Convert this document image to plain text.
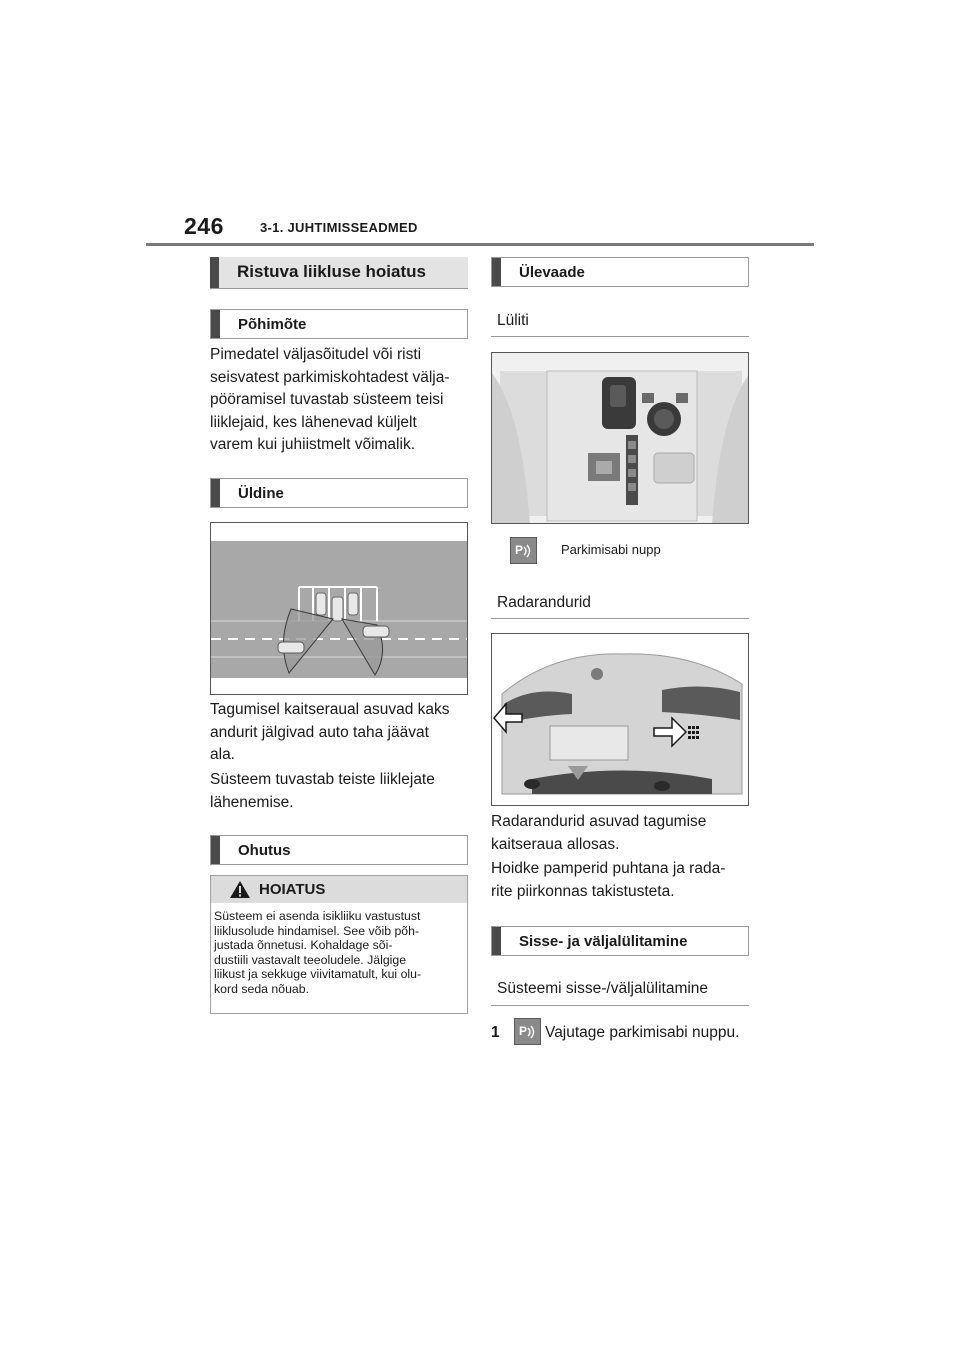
246	3-1. JUHTIMISSEADMED
Ristuva liikluse hoiatus
Põhimõte
Pimedatel väljasõitudel või risti
seisvatest parkimiskohtadest välja-
pööramisel tuvastab süsteem teisi
liiklejaid, kes lähenevad küljelt
varem kui juhiistmelt võimalik.
Üldine
Tagumisel kaitseraual asuvad kaks
andurit jälgivad auto taha jäävat
ala.
Süsteem tuvastab teiste liiklejate
lähenemise.
Ohutus
HOIATUS
Süsteem ei asenda isikliiku vastustust
liiklusolude hindamisel. See võib põh-
justada õnnetusi. Kohaldage sõi-
dustiili vastavalt teeoludele. Jälgige
liikust ja sekkuge viivitamatult, kui olu-
kord seda nõuab.
Ülevaade
Lüliti
P	Parkimisabi nupp
Radarandurid
Radarandurid asuvad tagumise
kaitseraua allosas.
Hoidke pamperid puhtana ja rada-
rite piirkonnas takistusteta.
Sisse- ja väljalülitamine
Süsteemi sisse-/väljalülitamine
1 P Vajutage parkimisabi nuppu.
